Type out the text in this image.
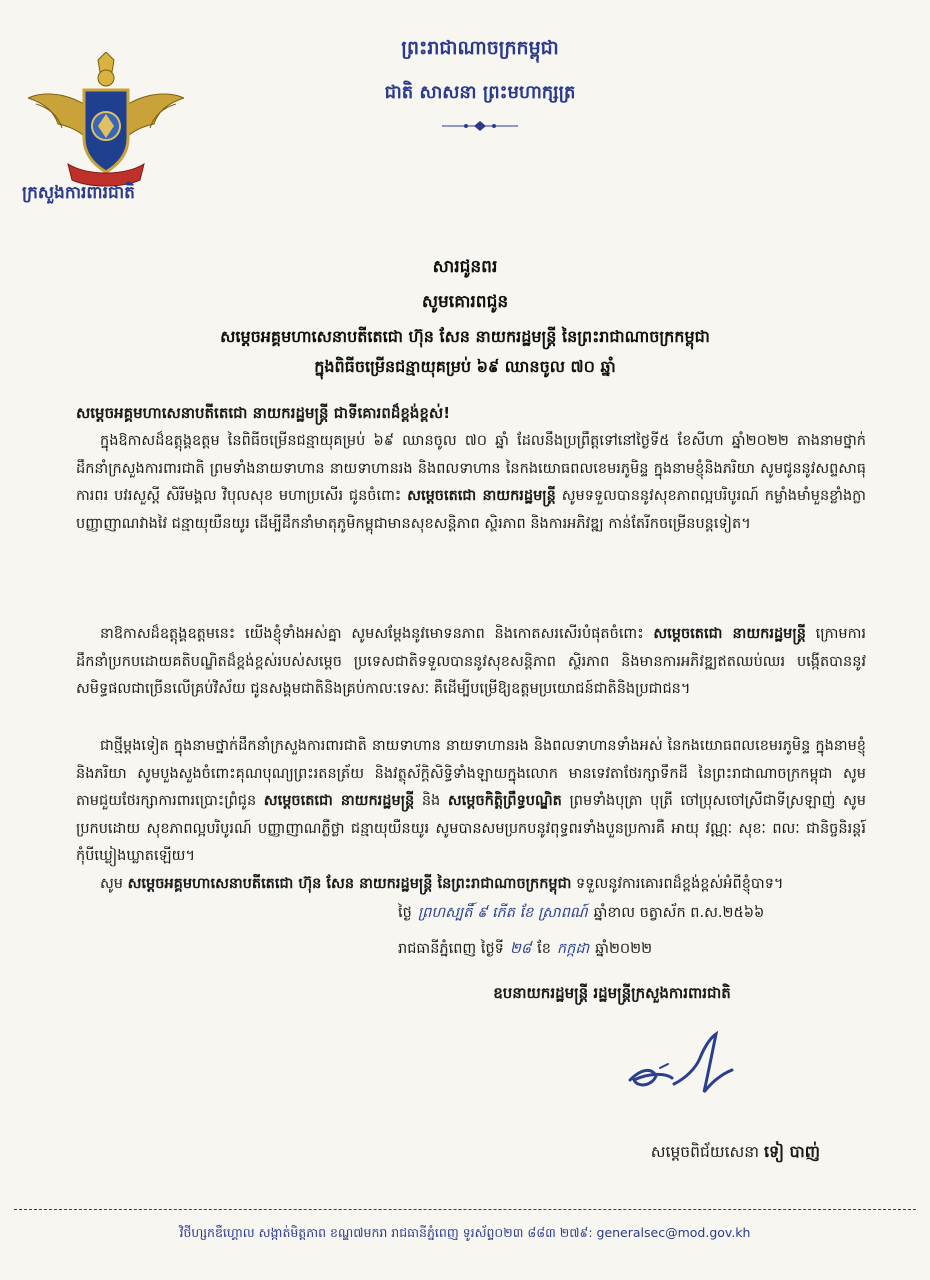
ក្រសួងការពារជាតិ
ព្រះរាជាណាចក្រកម្ពុជា
ជាតិ សាសនា ព្រះមហាក្សត្រ
សារជូនពរ
សូមគោរពជូន
សម្តេចអគ្គមហាសេនាបតីតេជោ ហ៊ុន សែន នាយករដ្ឋមន្ត្រី នៃព្រះរាជាណាចក្រកម្ពុជា
ក្នុងពិធីចម្រើនជន្មាយុគម្រប់ ៦៩ ឈានចូល ៧០ ឆ្នាំ
សម្តេចអគ្គមហាសេនាបតីតេជោ នាយករដ្ឋមន្ត្រី ជាទីគោរពដ៏ខ្ពង់ខ្ពស់!

ក្នុងឱកាសដ៏ឧត្តុង្គឧត្តម នៃពិធីចម្រើនជន្មាយុគម្រប់ ៦៩ ឈានចូល ៧០ ឆ្នាំ ដែលនឹងប្រព្រឹត្តទៅនៅថ្ងៃទី៥ ខែសីហា ឆ្នាំ២០២២ តាងនាមថ្នាក់ដឹកនាំក្រសួងការពារជាតិ ព្រមទាំងនាយទាហាន នាយទាហានរង និងពលទាហាន នៃកងយោធពលខេមរភូមិន្ទ ក្នុងនាមខ្ញុំនិងភរិយា សូមជូននូវសព្ទសាធុការពរ បវរសួស្តី សិរីមង្គល វិបុលសុខ មហាប្រសើរ ជូនចំពោះ សម្តេចតេជោ នាយករដ្ឋមន្ត្រី សូមទទួលបាននូវសុខភាពល្អបរិបូរណ៍ កម្លាំងមាំមួនខ្លាំងក្លា បញ្ញាញាណវាងវៃ ជន្មាយុយឺនយូរ ដើម្បីដឹកនាំមាតុភូមិកម្ពុជាមានសុខសន្តិភាព ស្ថិរភាព និងការអភិវឌ្ឍ កាន់តែរីកចម្រើនបន្តទៀត។

នាឱកាសដ៏ឧត្តុង្គឧត្តមនេះ យើងខ្ញុំទាំងអស់គ្នា សូមសម្តែងនូវមោទនភាព និងកោតសរសើរបំផុតចំពោះ សម្តេចតេជោ នាយករដ្ឋមន្ត្រី ក្រោមការដឹកនាំប្រកបដោយគតិបណ្ឌិតដ៏ខ្ពង់ខ្ពស់របស់សម្តេច ប្រទេសជាតិទទួលបាននូវសុខសន្តិភាព ស្ថិរភាព និងមានការអភិវឌ្ឍឥតឈប់ឈរ បង្កើតបាននូវសមិទ្ធផលជាច្រើនលើគ្រប់វិស័យ ជូនសង្គមជាតិនិងគ្រប់កាលៈទេសៈ គឺដើម្បីបម្រើឱ្យឧត្តមប្រយោជន៍ជាតិនិងប្រជាជន។

ជាថ្មីម្តងទៀត ក្នុងនាមថ្នាក់ដឹកនាំក្រសួងការពារជាតិ នាយទាហាន នាយទាហានរង និងពលទាហានទាំងអស់ នៃកងយោធពលខេមរភូមិន្ទ ក្នុងនាមខ្ញុំនិងភរិយា សូមបួងសួងចំពោះគុណបុណ្យព្រះរតនត្រ័យ និងវត្ថុស័ក្តិសិទ្ធិទាំងឡាយក្នុងលោក មានទេវតាថែរក្សាទឹកដី នៃព្រះរាជាណាចក្រកម្ពុជា សូមតាមជួយថែរក្សាការពារប្រោះព្រំជូន សម្តេចតេជោ នាយករដ្ឋមន្ត្រី និង សម្តេចកិត្តិព្រឹទ្ធបណ្ឌិត ព្រមទាំងបុត្រា បុត្រី ចៅប្រុសចៅស្រីជាទីស្រឡាញ់ សូមប្រកបដោយ សុខភាពល្អបរិបូរណ៍ បញ្ញាញាណភ្លឺថ្លា ជន្មាយុយឺនយូរ សូមបានសមប្រកបនូវពុទ្ធពរទាំងបួនប្រការគឺ អាយុ វណ្ណៈ សុខៈ ពលៈ ជានិច្ចនិរន្តរ៍កុំបីឃ្លៀងឃ្លាតឡើយ។

សូម សម្តេចអគ្គមហាសេនាបតីតេជោ ហ៊ុន សែន នាយករដ្ឋមន្ត្រី នៃព្រះរាជាណាចក្រកម្ពុជា ទទួលនូវការគោរពដ៏ខ្ពង់ខ្ពស់អំពីខ្ញុំបាទ។

ថ្ងៃ ព្រហស្បតិ៍ ៩ កើត ខែ ស្រាពណ៍ ឆ្នាំខាល ចត្វាស័ក ព.ស.២៥៦៦
រាជធានីភ្នំពេញ ថ្ងៃទី ២៨ ខែ កក្កដា ឆ្នាំ២០២២
ឧបនាយករដ្ឋមន្ត្រី រដ្ឋមន្ត្រីក្រសួងការពារជាតិ
សម្តេចពិជ័យសេនា ទៀ បាញ់
វិថីហ្សកឌឺហ្គោល សង្កាត់មិត្តភាព ខណ្ឌ៧មករា រាជធានីភ្នំពេញ ទូរស័ព្ទ០២៣ ៨៨៣ ២៧៩: generalsec@mod.gov.kh
